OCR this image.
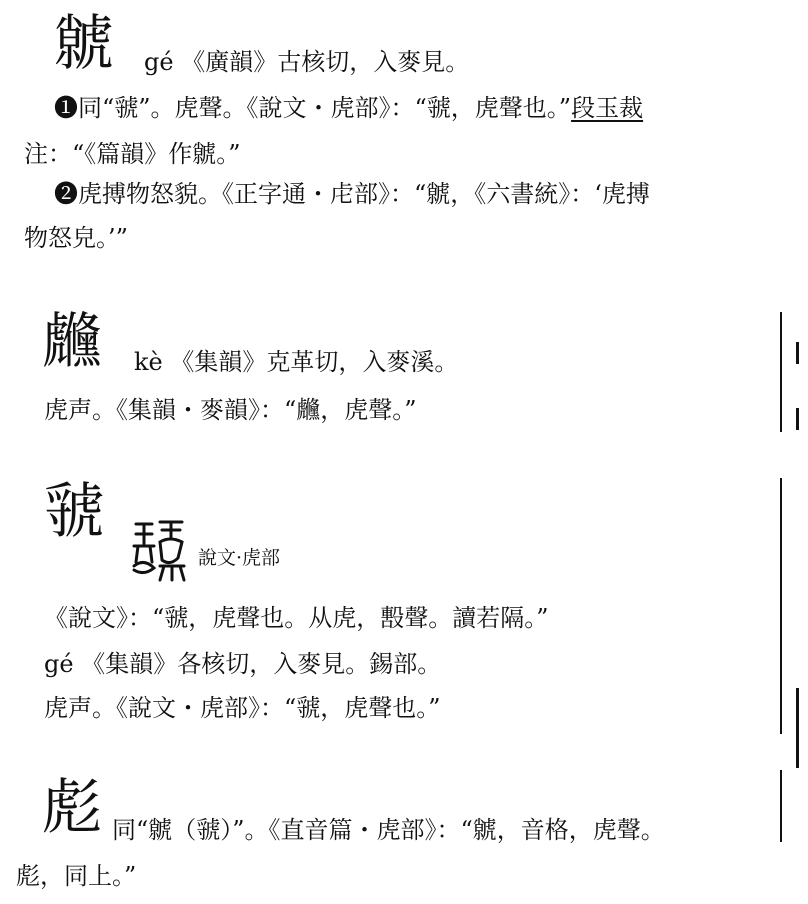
虩 gé 《廣韻》古核切，入麥見。
❶同“虢”。虎聲。《說文・虎部》：“虢，虎聲也。”段玉裁
注：“《篇韻》作虩。”
❷虎搏物怒貌。《正字通・虍部》：“虩，《六書統》：‘虎搏
物怒皃。’”
虪 kè 《集韻》克革切，入麥溪。
虎声。《集韻・麥韻》：“虪，虎聲。”
虢
說文·虎部
《說文》：“虢，虎聲也。从虎，毄聲。讀若隔。”
gé 《集韻》各核切，入麥見。錫部。
虎声。《說文・虎部》：“虢，虎聲也。”
彪 同“虩（虢）”。《直音篇・虎部》：“虩，音格，虎聲。
彪，同上。”
